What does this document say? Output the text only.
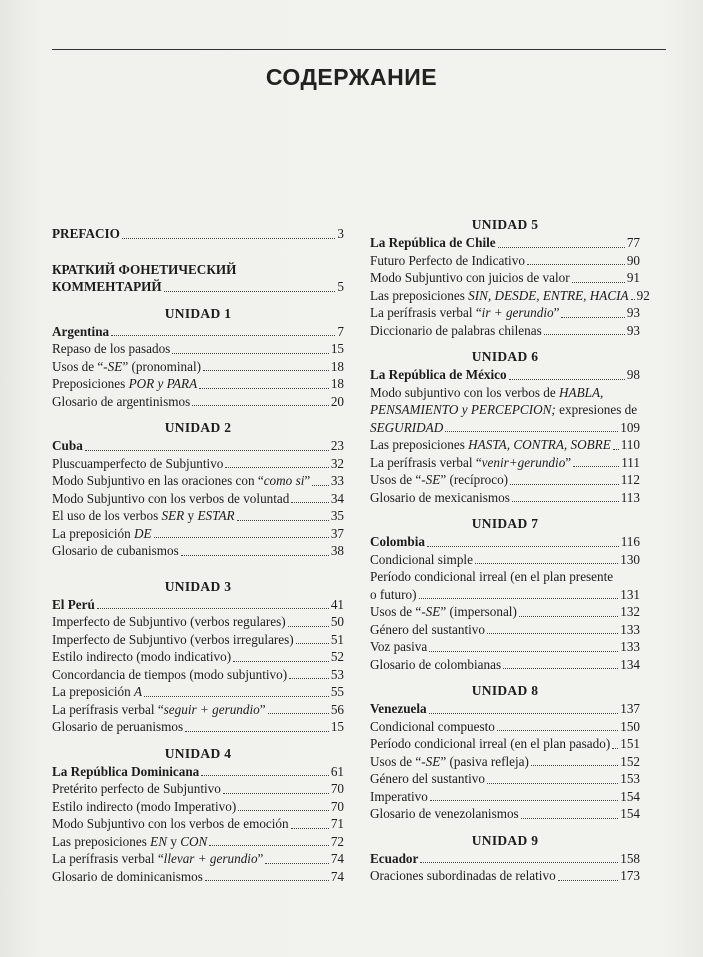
СОДЕРЖАНИЕ
PREFACIO	3
КРАТКИЙ ФОНЕТИЧЕСКИЙ
КОММЕНТАРИЙ	5
UNIDAD 1
Argentina	7
Repaso de los pasados	15
Usos de “-SE” (pronominal)	18
Preposiciones POR y PARA	18
Glosario de argentinismos	20
UNIDAD 2
Cuba	23
Pluscuamperfecto de Subjuntivo	32
Modo Subjuntivo en las oraciones con “como si” 33
Modo Subjuntivo con los verbos de voluntad	34
El uso de los verbos SER y ESTAR	35
La preposición DE	37
Glosario de cubanismos	38
UNIDAD 3
El Perú	41
Imperfecto de Subjuntivo (verbos regulares)	50
Imperfecto de Subjuntivo (verbos irregulares)	51
Estilo indirecto (modo indicativo)	52
Concordancia de tiempos (modo subjuntivo)	53
La preposición A	55
La perífrasis verbal “seguir + gerundio”	56
Glosario de peruanismos	15
UNIDAD 4
La República Dominicana	61
Pretérito perfecto de Subjuntivo	70
Estilo indirecto (modo Imperativo)	70
Modo Subjuntivo con los verbos de emoción	71
Las preposiciones EN y CON	72
La perífrasis verbal “llevar + gerundio”	74
Glosario de dominicanismos	74
UNIDAD 5
La República de Chile	77
Futuro Perfecto de Indicativo	90
Modo Subjuntivo con juicios de valor	91
Las preposiciones SIN, DESDE, ENTRE, HACIA 92
La perífrasis verbal “ir + gerundio”	93
Diccionario de palabras chilenas	93
UNIDAD 6
La República de México	98
Modo subjuntivo con los verbos de HABLA,
PENSAMIENTO y PERCEPCION; expresiones de
SEGURIDAD	109
Las preposiciones HASTA, CONTRA, SOBRE 110
La perífrasis verbal “venir+gerundio”	111
Usos de “-SE” (recíproco)	112
Glosario de mexicanismos	113
UNIDAD 7
Colombia	116
Condicional simple	130
Período condicional irreal (en el plan presente
o futuro)	131
Usos de “-SE” (impersonal)	132
Género del sustantivo	133
Voz pasiva	133
Glosario de colombianas	134
UNIDAD 8
Venezuela	137
Condicional compuesto	150
Período condicional irreal (en el plan pasado) 151
Usos de “-SE” (pasiva refleja)	152
Género del sustantivo	153
Imperativo	154
Glosario de venezolanismos	154
UNIDAD 9
Ecuador	158
Oraciones subordinadas de relativo	173
